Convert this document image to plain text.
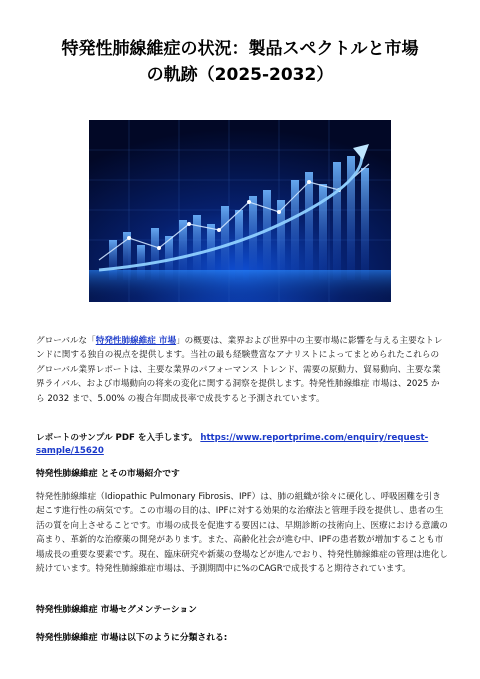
特発性肺線維症の状況：製品スペクトルと市場
の軌跡（2025-2032）
グローバルな「特発性肺線維症 市場」の概要は、業界および世界中の主要市場に影響を与える主要なトレンドに関する独自の視点を提供します。当社の最も経験豊富なアナリストによってまとめられたこれらのグローバル業界レポートは、主要な業界のパフォーマンス トレンド、需要の原動力、貿易動向、主要な業界ライバル、および市場動向の将来の変化に関する洞察を提供します。特発性肺線維症 市場は、2025 から 2032 まで、5.00% の複合年間成長率で成長すると予測されています。
レポートのサンプル PDF を入手します。 https://www.reportprime.com/enquiry/request-sample/15620
特発性肺線維症 とその市場紹介です
特発性肺線維症（Idiopathic Pulmonary Fibrosis、IPF）は、肺の組織が徐々に硬化し、呼吸困難を引き起こす進行性の病気です。この市場の目的は、IPFに対する効果的な治療法と管理手段を提供し、患者の生活の質を向上させることです。市場の成長を促進する要因には、早期診断の技術向上、医療における意識の高まり、革新的な治療薬の開発があります。また、高齢化社会が進む中、IPFの患者数が増加することも市場成長の重要な要素です。現在、臨床研究や新薬の登場などが進んでおり、特発性肺線維症の管理は進化し続けています。特発性肺線維症市場は、予測期間中に%のCAGRで成長すると期待されています。
特発性肺線維症 市場セグメンテーション
特発性肺線維症 市場は以下のように分類される:
